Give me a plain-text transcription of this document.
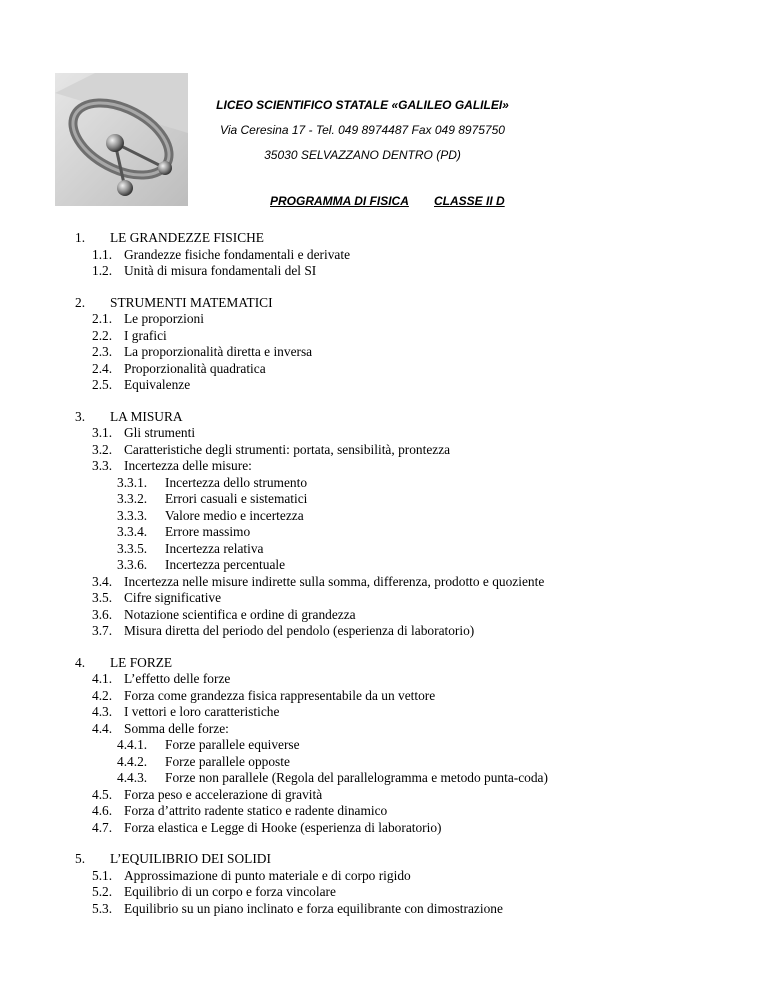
LICEO SCIENTIFICO STATALE «GALILEO GALILEI»
Via Ceresina 17 - Tel. 049 8974487 Fax 049 8975750
35030 SELVAZZANO DENTRO (PD)
PROGRAMMA DI FISICA CLASSE II D
1. LE GRANDEZZE FISICHE
1.1. Grandezze fisiche fondamentali e derivate
1.2. Unità di misura fondamentali del SI
2. STRUMENTI MATEMATICI
2.1. Le proporzioni
2.2. I grafici
2.3. La proporzionalità diretta e inversa
2.4. Proporzionalità quadratica
2.5. Equivalenze
3. LA MISURA
3.1. Gli strumenti
3.2. Caratteristiche degli strumenti: portata, sensibilità, prontezza
3.3. Incertezza delle misure:
3.3.1. Incertezza dello strumento
3.3.2. Errori casuali e sistematici
3.3.3. Valore medio e incertezza
3.3.4. Errore massimo
3.3.5. Incertezza relativa
3.3.6. Incertezza percentuale
3.4. Incertezza nelle misure indirette sulla somma, differenza, prodotto e quoziente
3.5. Cifre significative
3.6. Notazione scientifica e ordine di grandezza
3.7. Misura diretta del periodo del pendolo (esperienza di laboratorio)
4. LE FORZE
4.1. L’effetto delle forze
4.2. Forza come grandezza fisica rappresentabile da un vettore
4.3. I vettori e loro caratteristiche
4.4. Somma delle forze:
4.4.1. Forze parallele equiverse
4.4.2. Forze parallele opposte
4.4.3. Forze non parallele (Regola del parallelogramma e metodo punta-coda)
4.5. Forza peso e accelerazione di gravità
4.6. Forza d’attrito radente statico e radente dinamico
4.7. Forza elastica e Legge di Hooke (esperienza di laboratorio)
5. L’EQUILIBRIO DEI SOLIDI
5.1. Approssimazione di punto materiale e di corpo rigido
5.2. Equilibrio di un corpo e forza vincolare
5.3. Equilibrio su un piano inclinato e forza equilibrante con dimostrazione
